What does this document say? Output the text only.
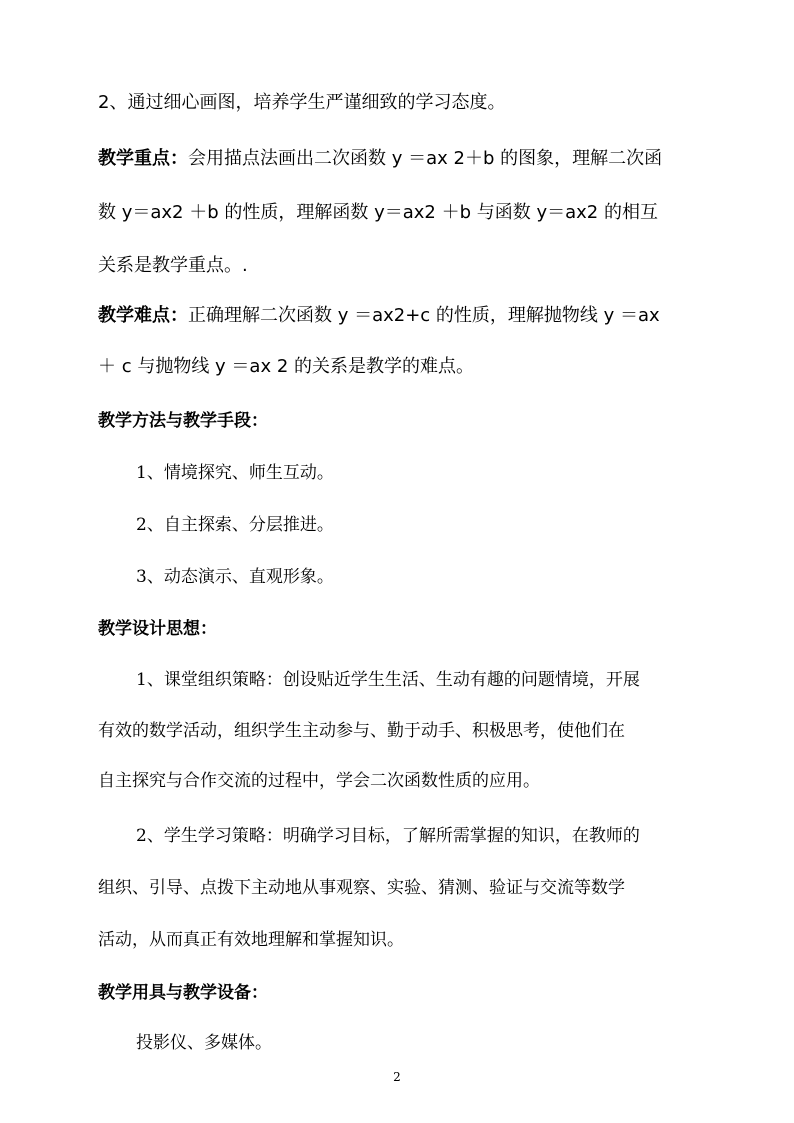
2、通过细心画图，培养学生严谨细致的学习态度。
教学重点：会用描点法画出二次函数 y ＝ax 2＋b 的图象，理解二次函
数 y＝ax2 ＋b 的性质，理解函数 y＝ax2 ＋b 与函数 y＝ax2 的相互
关系是教学重点。.
教学难点：正确理解二次函数 y ＝ax2+c 的性质，理解抛物线 y ＝ax
＋ c 与抛物线 y ＝ax 2 的关系是教学的难点。
教学方法与教学手段：
1、情境探究、师生互动。
2、自主探索、分层推进。
3、动态演示、直观形象。
教学设计思想：
1、课堂组织策略：创设贴近学生生活、生动有趣的问题情境，开展
有效的数学活动，组织学生主动参与、勤于动手、积极思考，使他们在
自主探究与合作交流的过程中，学会二次函数性质的应用。
2、学生学习策略：明确学习目标，了解所需掌握的知识，在教师的
组织、引导、点拨下主动地从事观察、实验、猜测、验证与交流等数学
活动，从而真正有效地理解和掌握知识。
教学用具与教学设备：
投影仪、多媒体。
2
